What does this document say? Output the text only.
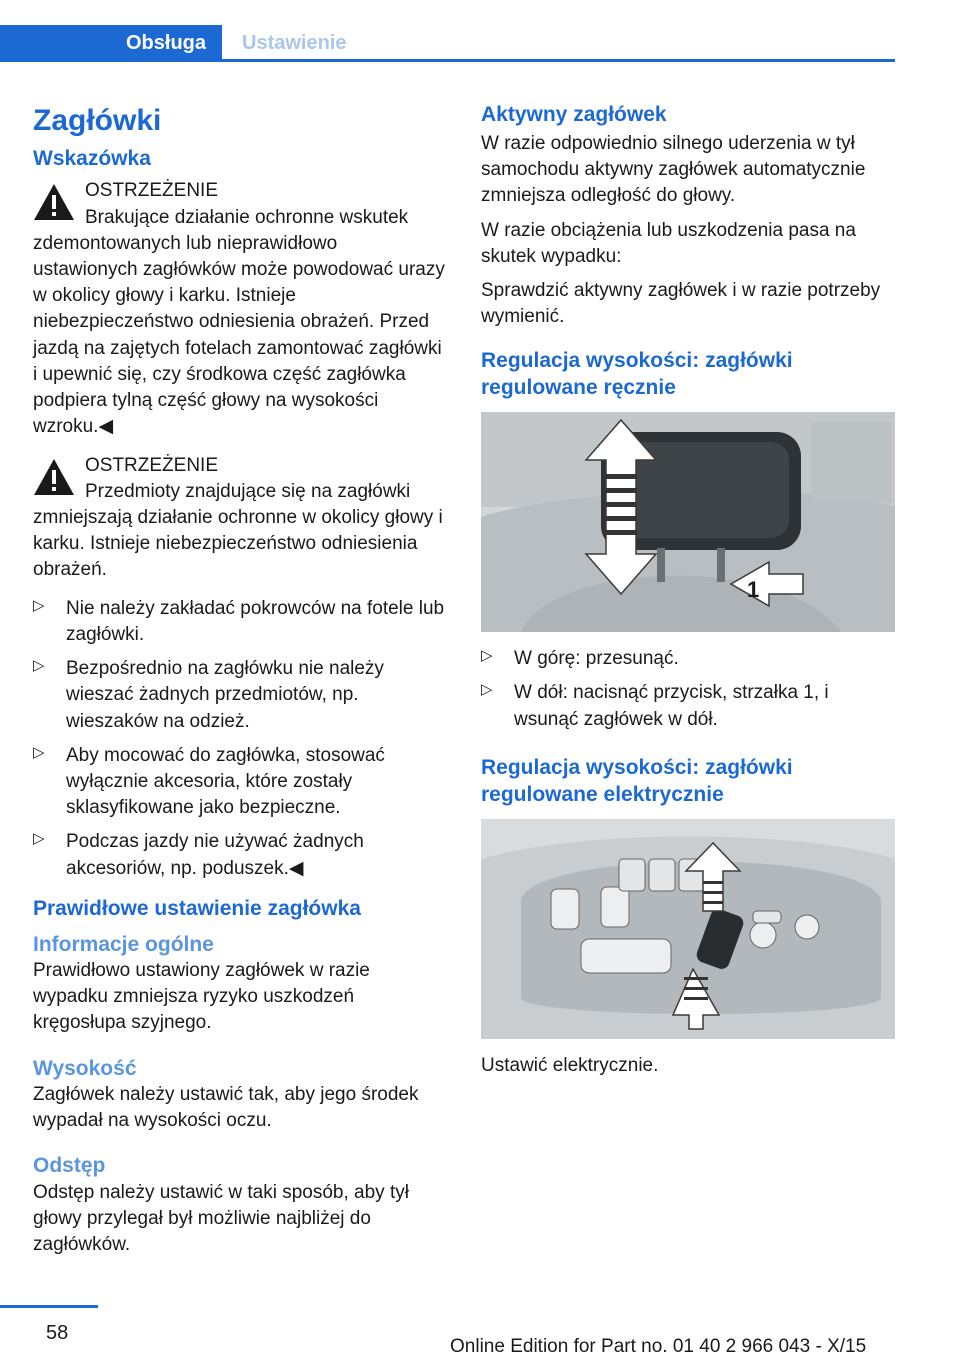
Obsługa	Ustawienie
Zagłówki
Wskazówka
OSTRZEŻENIE
Brakujące działanie ochronne wskutek zdemontowanych lub nieprawidłowo ustawionych zagłówków może powodować urazy w okolicy głowy i karku. Istnieje niebezpieczeństwo odniesienia obrażeń. Przed jazdą na zajętych fotelach zamontować zagłówki i upewnić się, czy środkowa część zagłówka podpiera tylną część głowy na wysokości wzroku.◀
OSTRZEŻENIE
Przedmioty znajdujące się na zagłówki zmniejszają działanie ochronne w okolicy głowy i karku. Istnieje niebezpieczeństwo odniesienia obrażeń.
▷ Nie należy zakładać pokrowców na fotele lub zagłówki.
▷ Bezpośrednio na zagłówku nie należy wieszać żadnych przedmiotów, np. wieszaków na odzież.
▷ Aby mocować do zagłówka, stosować wyłącznie akcesoria, które zostały sklasyfikowane jako bezpieczne.
▷ Podczas jazdy nie używać żadnych akcesoriów, np. poduszek.◀
Prawidłowe ustawienie zagłówka
Informacje ogólne

Prawidłowo ustawiony zagłówek w razie wypadku zmniejsza ryzyko uszkodzeń kręgosłupa szyjnego.

Wysokość

Zagłówek należy ustawić tak, aby jego środek wypadał na wysokości oczu.

Odstęp

Odstęp należy ustawić w taki sposób, aby tył głowy przylegał był możliwie najbliżej do zagłówków.

Aktywny zagłówek

W razie odpowiednio silnego uderzenia w tył samochodu aktywny zagłówek automatycznie zmniejsza odległość do głowy.

W razie obciążenia lub uszkodzenia pasa na skutek wypadku:

Sprawdzić aktywny zagłówek i w razie potrzeby wymienić.

Regulacja wysokości: zagłówki regulowane ręcznie
1
▷ W górę: przesunąć.
▷ W dół: nacisnąć przycisk, strzałka 1, i wsunąć zagłówek w dół.
Regulacja wysokości: zagłówki regulowane elektrycznie

Ustawić elektrycznie.

58
Online Edition for Part no. 01 40 2 966 043 - X/15
